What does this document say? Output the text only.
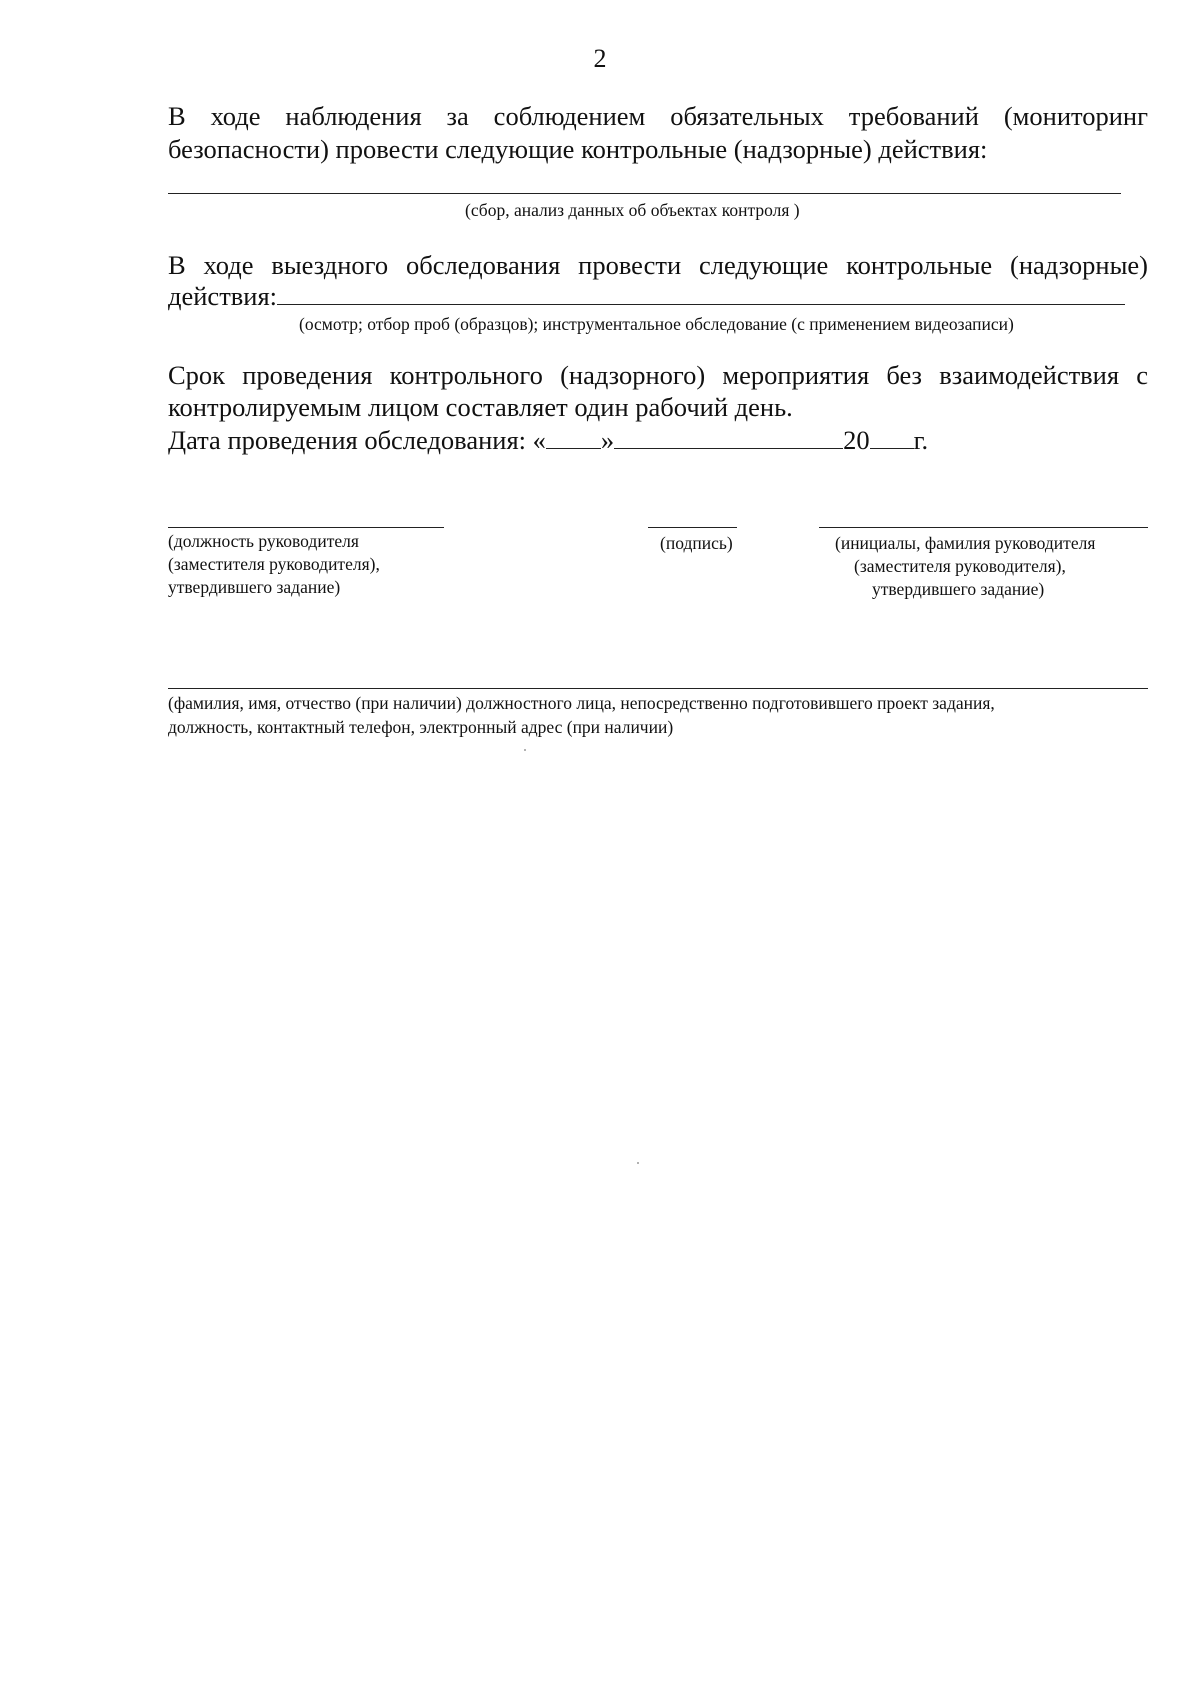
2
В ходе наблюдения за соблюдением обязательных требований (мониторинг
безопасности) провести следующие контрольные (надзорные) действия:
(сбор, анализ данных об объектах контроля )
В ходе выездного обследования провести следующие контрольные (надзорные)
действия:
(осмотр; отбор проб (образцов); инструментальное обследование (с применением видеозаписи)
Срок проведения контрольного (надзорного) мероприятия без взаимодействия с
контролируемым лицом составляет один рабочий день.
Дата проведения обследования: « »	20 г.
(должность руководителя
(заместителя руководителя),
утвердившего задание)
(подпись)	(инициалы, фамилия руководителя
(заместителя руководителя),
утвердившего задание)
(фамилия, имя, отчество (при наличии) должностного лица, непосредственно подготовившего проект задания,
должность, контактный телефон, электронный адрес (при наличии)
